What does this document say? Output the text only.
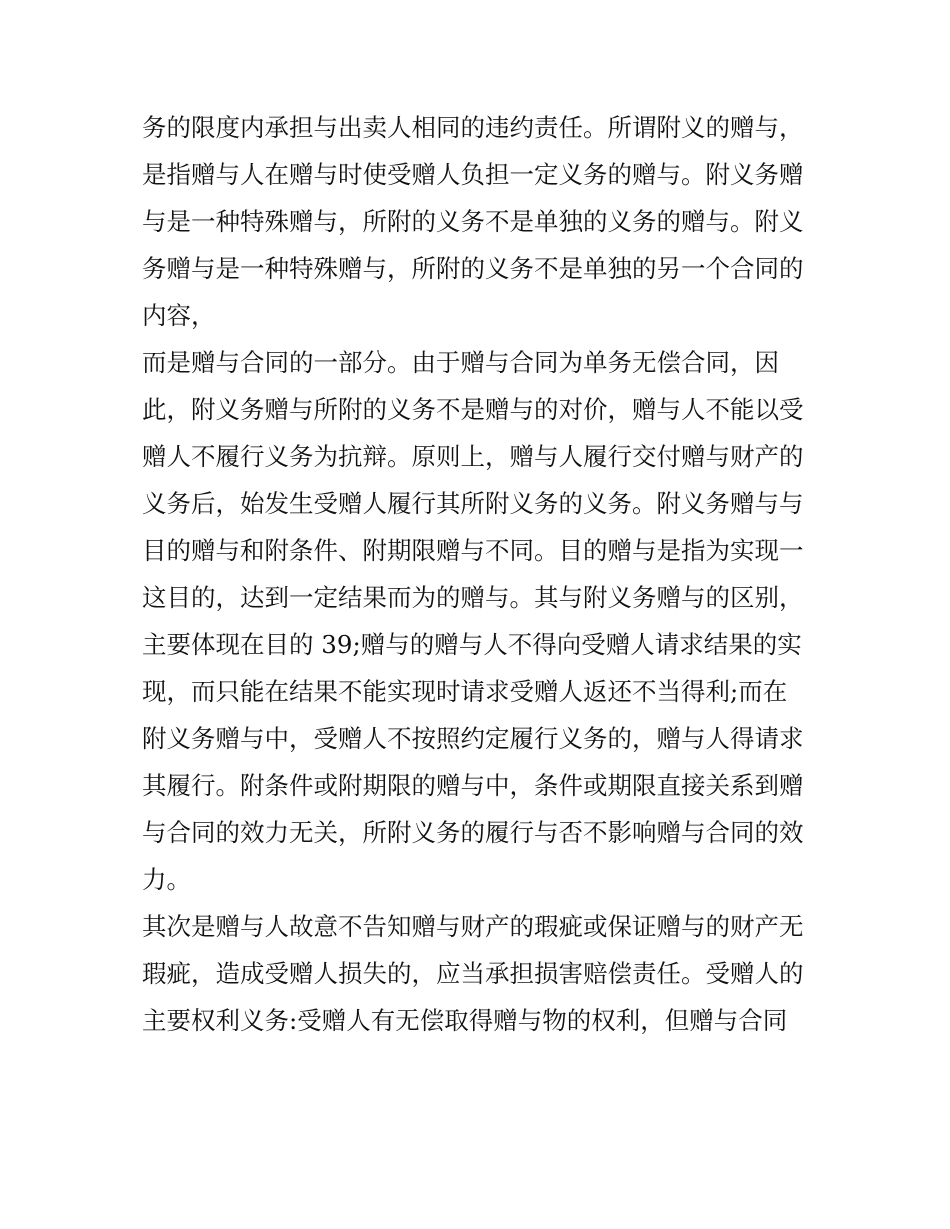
务的限度内承担与出卖人相同的违约责任。所谓附义的赠与，
是指赠与人在赠与时使受赠人负担一定义务的赠与。附义务赠
与是一种特殊赠与，所附的义务不是单独的义务的赠与。附义
务赠与是一种特殊赠与，所附的义务不是单独的另一个合同的
内容，
而是赠与合同的一部分。由于赠与合同为单务无偿合同，因
此，附义务赠与所附的义务不是赠与的对价，赠与人不能以受
赠人不履行义务为抗辩。原则上，赠与人履行交付赠与财产的
义务后，始发生受赠人履行其所附义务的义务。附义务赠与与
目的赠与和附条件、附期限赠与不同。目的赠与是指为实现一
这目的，达到一定结果而为的赠与。其与附义务赠与的区别，
主要体现在目的 39;赠与的赠与人不得向受赠人请求结果的实
现，而只能在结果不能实现时请求受赠人返还不当得利;而在
附义务赠与中，受赠人不按照约定履行义务的，赠与人得请求
其履行。附条件或附期限的赠与中，条件或期限直接关系到赠
与合同的效力无关，所附义务的履行与否不影响赠与合同的效
力。
其次是赠与人故意不告知赠与财产的瑕疵或保证赠与的财产无
瑕疵，造成受赠人损失的，应当承担损害赔偿责任。受赠人的
主要权利义务:受赠人有无偿取得赠与物的权利，但赠与合同
